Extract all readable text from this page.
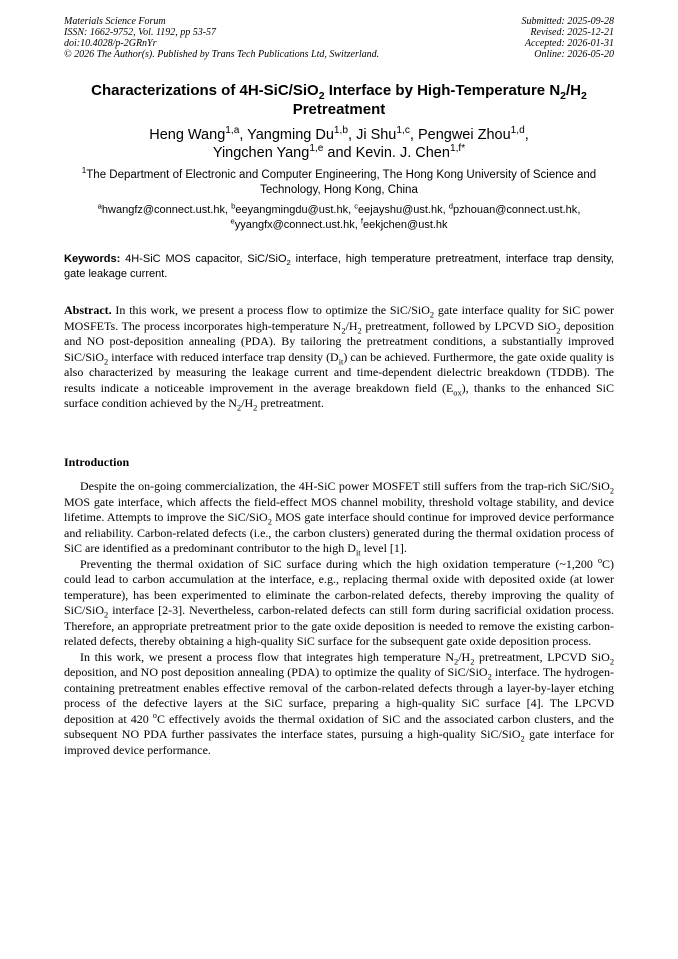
Materials Science Forum
ISSN: 1662-9752, Vol. 1192, pp 53-57
doi:10.4028/p-2GRnYr
© 2026 The Author(s). Published by Trans Tech Publications Ltd, Switzerland.
Submitted: 2025-09-28
Revised: 2025-12-21
Accepted: 2026-01-31
Online: 2026-05-20
Characterizations of 4H-SiC/SiO$_2$ Interface by High-Temperature $N_2/H_2$
Pretreatment
Heng Wang$^{1,a}$, Yangming Du$^{1,b}$, Ji Shu$^{1,c}$, Pengwei Zhou$^{1,d}$,
Yingchen Yang$^{1,e}$ and Kevin. J. Chen$^{1,f*}$
$^1$The Department of Electronic and Computer Engineering, The Hong Kong University of Science and Technology, Hong Kong, China
$^a$hwangfz@connect.ust.hk, $^b$eeyangmingdu@ust.hk, $^c$eejayshu@ust.hk, $^d$pzhouan@connect.ust.hk,
$^e$yyangfx@connect.ust.hk, $^f$eekjchen@ust.hk
Keywords: 4H-SiC MOS capacitor, SiC/SiO$_2$ interface, high temperature pretreatment, interface trap density, gate leakage current.
Abstract. In this work, we present a process flow to optimize the SiC/SiO$_2$ gate interface quality for SiC power MOSFETs. The process incorporates high-temperature $N_2/H_2$ pretreatment, followed by LPCVD SiO$_2$ deposition and NO post-deposition annealing (PDA). By tailoring the pretreatment conditions, a substantially improved SiC/SiO$_2$ interface with reduced interface trap density $(D_{it})$ can be achieved. Furthermore, the gate oxide quality is also characterized by measuring the leakage current and time-dependent dielectric breakdown (TDDB). The results indicate a noticeable improvement in the average breakdown field $(E_{ox})$, thanks to the enhanced SiC surface condition achieved by the $N_2/H_2$ pretreatment.
Introduction

Despite the on-going commercialization, the 4H-SiC power MOSFET still suffers from the trap-rich SiC/SiO$_2$ MOS gate interface, which affects the field-effect MOS channel mobility, threshold voltage stability, and device lifetime. Attempts to improve the SiC/SiO$_2$ MOS gate interface should continue for improved device performance and reliability. Carbon-related defects (i.e., the carbon clusters) generated during the thermal oxidation process of SiC are identified as a predominant contributor to the high $D_{it}$ level [1].

Preventing the thermal oxidation of SiC surface during which the high oxidation temperature (~1,200 $^o$C) could lead to carbon accumulation at the interface, e.g., replacing thermal oxide with deposited oxide (at lower temperature), has been experimented to eliminate the carbon-related defects, thereby improving the quality of SiC/SiO$_2$ interface [2-3]. Nevertheless, carbon-related defects can still form during sacrificial oxidation process. Therefore, an appropriate pretreatment prior to the gate oxide deposition is needed to remove the existing carbon-related defects, thereby obtaining a high-quality SiC surface for the subsequent gate oxide deposition process.

In this work, we present a process flow that integrates high temperature $N_2/H_2$ pretreatment, LPCVD SiO$_2$ deposition, and NO post deposition annealing (PDA) to optimize the quality of SiC/SiO$_2$ interface. The hydrogen-containing pretreatment enables effective removal of the carbon-related defects through a layer-by-layer etching process of the defective layers at the SiC surface, preparing a high-quality SiC surface [4]. The LPCVD deposition at 420 $^o$C effectively avoids the thermal oxidation of SiC and the associated carbon clusters, and the subsequent NO PDA further passivates the interface states, pursuing a high-quality SiC/SiO$_2$ gate interface for improved device performance.
